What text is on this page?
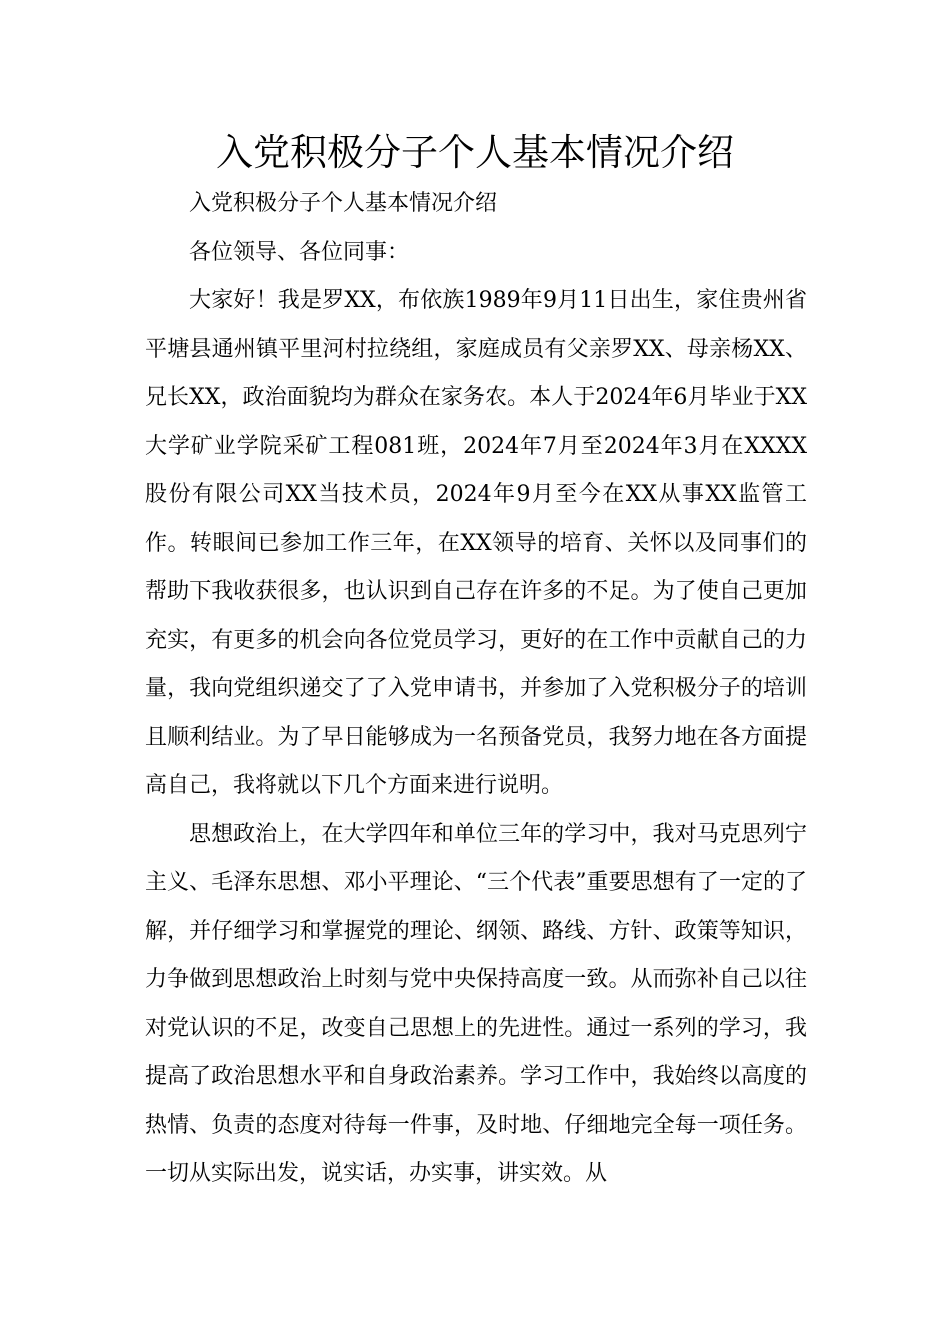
入党积极分子个人基本情况介绍

入党积极分子个人基本情况介绍

各位领导、各位同事：

大家好！我是罗XX，布依族1989年9月11日出生，家住贵州省平塘县通州镇平里河村拉绕组，家庭成员有父亲罗XX、母亲杨XX、兄长XX，政治面貌均为群众在家务农。本人于2024年6月毕业于XX大学矿业学院采矿工程081班，2024年7月至2024年3月在XXXX股份有限公司XX当技术员，2024年9月至今在XX从事XX监管工作。转眼间已参加工作三年，在XX领导的培育、关怀以及同事们的帮助下我收获很多，也认识到自己存在许多的不足。为了使自己更加充实，有更多的机会向各位党员学习，更好的在工作中贡献自己的力量，我向党组织递交了了入党申请书，并参加了入党积极分子的培训且顺利结业。为了早日能够成为一名预备党员，我努力地在各方面提高自己，我将就以下几个方面来进行说明。

思想政治上，在大学四年和单位三年的学习中，我对马克思列宁主义、毛泽东思想、邓小平理论、“三个代表”重要思想有了一定的了解，并仔细学习和掌握党的理论、纲领、路线、方针、政策等知识，力争做到思想政治上时刻与党中央保持高度一致。从而弥补自己以往对党认识的不足，改变自己思想上的先进性。通过一系列的学习，我提高了政治思想水平和自身政治素养。学习工作中，我始终以高度的热情、负责的态度对待每一件事，及时地、仔细地完全每一项任务。一切从实际出发，说实话，办实事，讲实效。从
